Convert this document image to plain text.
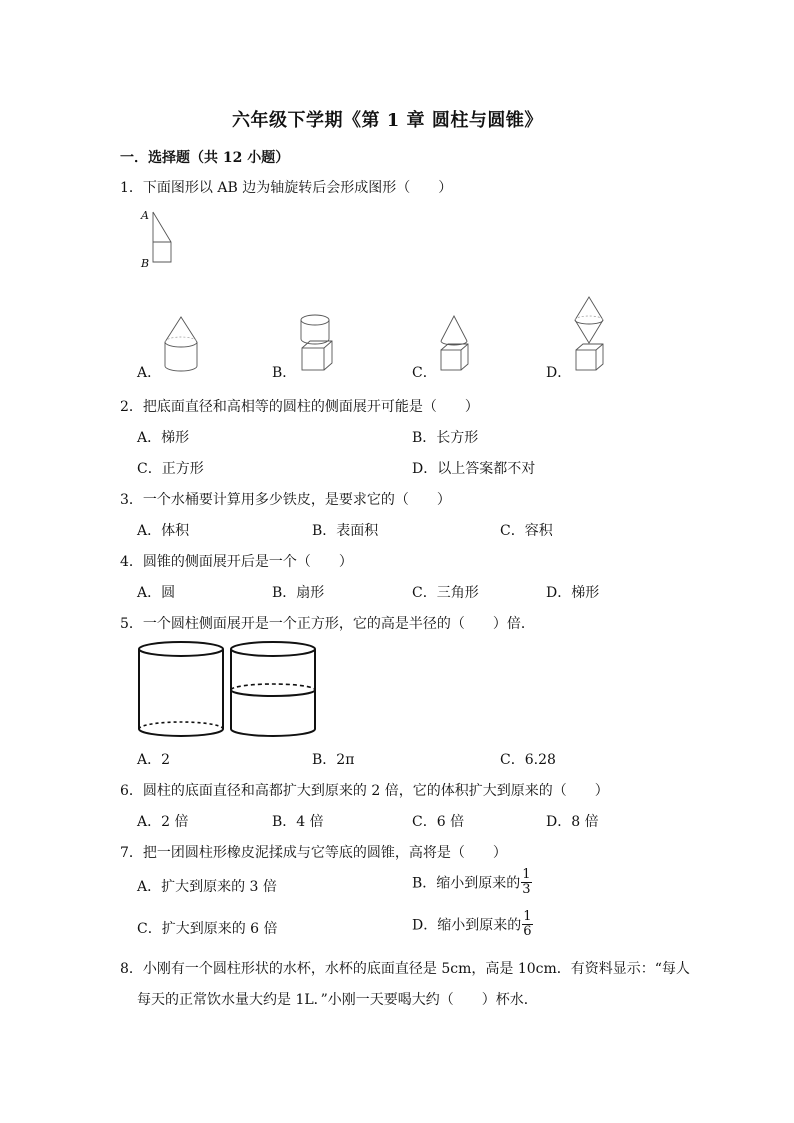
六年级下学期《第 1 章 圆柱与圆锥》
一．选择题（共 12 小题）
1．下面图形以 AB 边为轴旋转后会形成图形（　　）
A
B
A．	B．	C．	D．
2．把底面直径和高相等的圆柱的侧面展开可能是（　　）
A．梯形	B．长方形
C．正方形	D．以上答案都不对
3．一个水桶要计算用多少铁皮，是要求它的（　　）
A．体积	B．表面积	C．容积
4．圆锥的侧面展开后是一个（　　）
A．圆	B．扇形	C．三角形	D．梯形
5．一个圆柱侧面展开是一个正方形，它的高是半径的（　　）倍．
A．2	B．2π	C．6.28
6．圆柱的底面直径和高都扩大到原来的 2 倍，它的体积扩大到原来的（　　）
A．2 倍	B．4 倍	C．6 倍	D．8 倍
7．把一团圆柱形橡皮泥揉成与它等底的圆锥，高将是（　　）
A．扩大到原来的 3 倍	B．缩小到原来的 $\frac{1}{3}$
C．扩大到原来的 6 倍	D．缩小到原来的 $\frac{1}{6}$
8．小刚有一个圆柱形状的水杯，水杯的底面直径是 5cm，高是 10cm．有资料显示：“每人
每天的正常饮水量大约是 1L．”小刚一天要喝大约（　　）杯水．
